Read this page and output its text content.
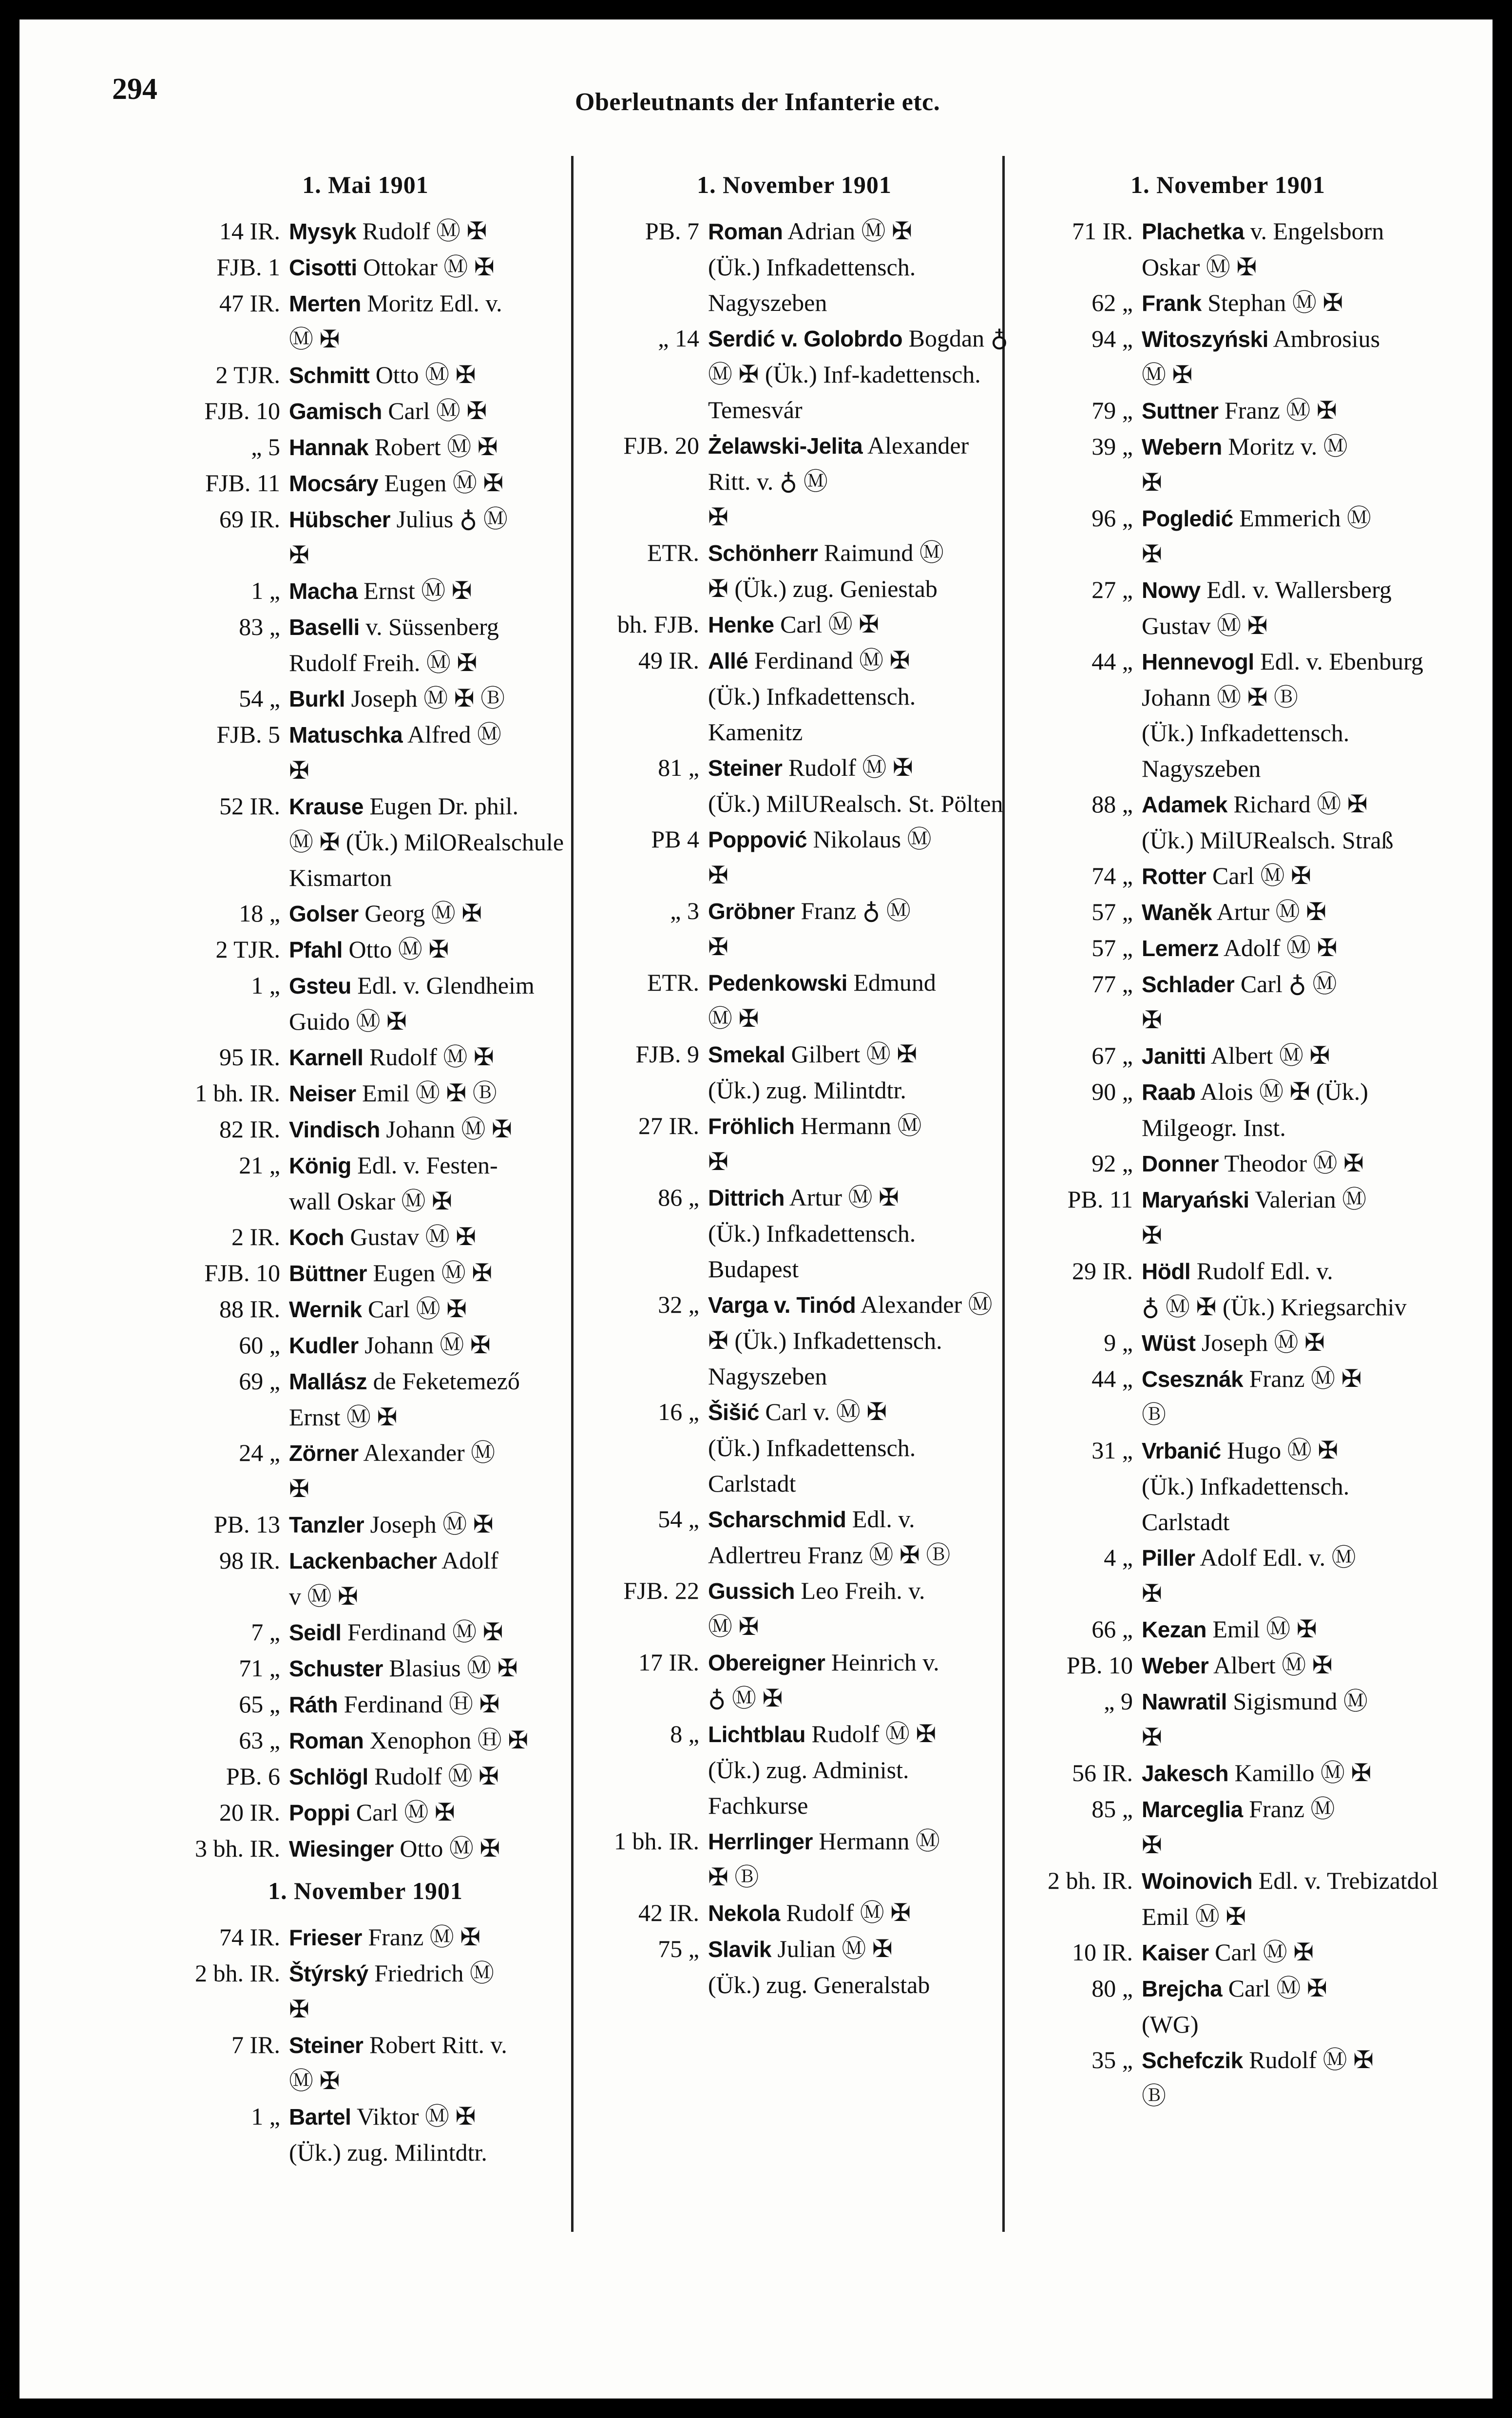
294	Oberleutnants der Infanterie etc.
1. Mai 1901
14 IR. Mysyk Rudolf Ⓜ ✠
FJB. 1 Cisotti Ottokar Ⓜ ✠
47 IR. Merten Moritz Edl. v.
Ⓜ ✠
2 TJR. Schmitt Otto Ⓜ ✠
FJB. 10 Gamisch Carl Ⓜ ✠
„ 5 Hannak Robert Ⓜ ✠
FJB. 11 Mocsáry Eugen Ⓜ ✠
69 IR. Hübscher Julius ♁ Ⓜ
✠
1 „ Macha Ernst Ⓜ ✠
83 „ Baselli v. Süssenberg
Rudolf Freih. Ⓜ ✠
54 „ Burkl Joseph Ⓜ ✠ Ⓑ
FJB. 5 Matuschka Alfred Ⓜ
✠
52 IR. Krause Eugen Dr. phil.
Ⓜ ✠ (Ük.) MilORealschule Kismarton
18 „ Golser Georg Ⓜ ✠
2 TJR. Pfahl Otto Ⓜ ✠
1 „ Gsteu Edl. v. Glendheim
Guido Ⓜ ✠
95 IR. Karnell Rudolf Ⓜ ✠
1 bh. IR. Neiser Emil Ⓜ ✠ Ⓑ
82 IR. Vindisch Johann Ⓜ ✠
21 „ König Edl. v. Festen-
wall Oskar Ⓜ ✠
2 IR. Koch Gustav Ⓜ ✠
FJB. 10 Büttner Eugen Ⓜ ✠
88 IR. Wernik Carl Ⓜ ✠
60 „ Kudler Johann Ⓜ ✠
69 „ Mallász de Feketemező
Ernst Ⓜ ✠
24 „ Zörner Alexander Ⓜ
✠
PB. 13 Tanzler Joseph Ⓜ ✠
98 IR. Lackenbacher Adolf
v Ⓜ ✠
7 „ Seidl Ferdinand Ⓜ ✠
71 „ Schuster Blasius Ⓜ ✠
65 „ Ráth Ferdinand Ⓗ ✠
63 „ Roman Xenophon Ⓗ ✠
PB. 6 Schlögl Rudolf Ⓜ ✠
20 IR. Poppi Carl Ⓜ ✠
3 bh. IR. Wiesinger Otto Ⓜ ✠
1. November 1901
74 IR. Frieser Franz Ⓜ ✠
2 bh. IR. Štýrský Friedrich Ⓜ
✠
7 IR. Steiner Robert Ritt. v.
Ⓜ ✠
1 „ Bartel Viktor Ⓜ ✠
(Ük.) zug. Milintdtr.
1. November 1901
PB. 7 Roman Adrian Ⓜ ✠
(Ük.) Infkadettensch. Nagyszeben
„ 14 Serdić v. Golobrdo Bogdan ♁ Ⓜ ✠ (Ük.) Inf-kadettensch. Temesvár
FJB. 20 Żelawski-Jelita Alexander Ritt. v. ♁ Ⓜ
✠
ETR. Schönherr Raimund Ⓜ
✠ (Ük.) zug. Geniestab
bh. FJB. Henke Carl Ⓜ ✠
49 IR. Allé Ferdinand Ⓜ ✠
(Ük.) Infkadettensch. Kamenitz
81 „ Steiner Rudolf Ⓜ ✠
(Ük.) MilURealsch. St. Pölten
PB 4 Poppović Nikolaus Ⓜ
✠
„ 3 Gröbner Franz ♁ Ⓜ
✠
ETR. Pedenkowski Edmund
Ⓜ ✠
FJB. 9 Smekal Gilbert Ⓜ ✠
(Ük.) zug. Milintdtr.
27 IR. Fröhlich Hermann Ⓜ
✠
86 „ Dittrich Artur Ⓜ ✠
(Ük.) Infkadettensch. Budapest
32 „ Varga v. Tinód Alexander Ⓜ ✠ (Ük.) Infkadettensch. Nagyszeben
16 „ Šišić Carl v. Ⓜ ✠
(Ük.) Infkadettensch. Carlstadt
54 „ Scharschmid Edl. v.
Adlertreu Franz Ⓜ ✠ Ⓑ
FJB. 22 Gussich Leo Freih. v.
Ⓜ ✠
17 IR. Obereigner Heinrich v.
♁ Ⓜ ✠
8 „ Lichtblau Rudolf Ⓜ ✠
(Ük.) zug. Administ. Fachkurse
1 bh. IR. Herrlinger Hermann Ⓜ
✠ Ⓑ
42 IR. Nekola Rudolf Ⓜ ✠
75 „ Slavik Julian Ⓜ ✠
(Ük.) zug. Generalstab
1. November 1901
71 IR. Plachetka v. Engelsborn Oskar Ⓜ ✠
62 „ Frank Stephan Ⓜ ✠
94 „ Witoszyński Ambrosius
Ⓜ ✠
79 „ Suttner Franz Ⓜ ✠
39 „ Webern Moritz v. Ⓜ
✠
96 „ Pogledić Emmerich Ⓜ
✠
27 „ Nowy Edl. v. Wallersberg Gustav Ⓜ ✠
44 „ Hennevogl Edl. v. Ebenburg Johann Ⓜ ✠ Ⓑ
(Ük.) Infkadettensch. Nagyszeben
88 „ Adamek Richard Ⓜ ✠
(Ük.) MilURealsch. Straß
74 „ Rotter Carl Ⓜ ✠
57 „ Waněk Artur Ⓜ ✠
57 „ Lemerz Adolf Ⓜ ✠
77 „ Schlader Carl ♁ Ⓜ
✠
67 „ Janitti Albert Ⓜ ✠
90 „ Raab Alois Ⓜ ✠ (Ük.)
Milgeogr. Inst.
92 „ Donner Theodor Ⓜ ✠
PB. 11 Maryański Valerian Ⓜ
✠
29 IR. Hödl Rudolf Edl. v.
♁ Ⓜ ✠ (Ük.) Kriegsarchiv
9 „ Wüst Joseph Ⓜ ✠
44 „ Csesznák Franz Ⓜ ✠
Ⓑ
31 „ Vrbanić Hugo Ⓜ ✠
(Ük.) Infkadettensch. Carlstadt
4 „ Piller Adolf Edl. v. Ⓜ
✠
66 „ Kezan Emil Ⓜ ✠
PB. 10 Weber Albert Ⓜ ✠
„ 9 Nawratil Sigismund Ⓜ
✠
56 IR. Jakesch Kamillo Ⓜ ✠
85 „ Marceglia Franz Ⓜ
✠
2 bh. IR. Woinovich Edl. v. Trebizatdol Emil Ⓜ ✠
10 IR. Kaiser Carl Ⓜ ✠
80 „ Brejcha Carl Ⓜ ✠
(WG)
35 „ Schefczik Rudolf Ⓜ ✠
Ⓑ
